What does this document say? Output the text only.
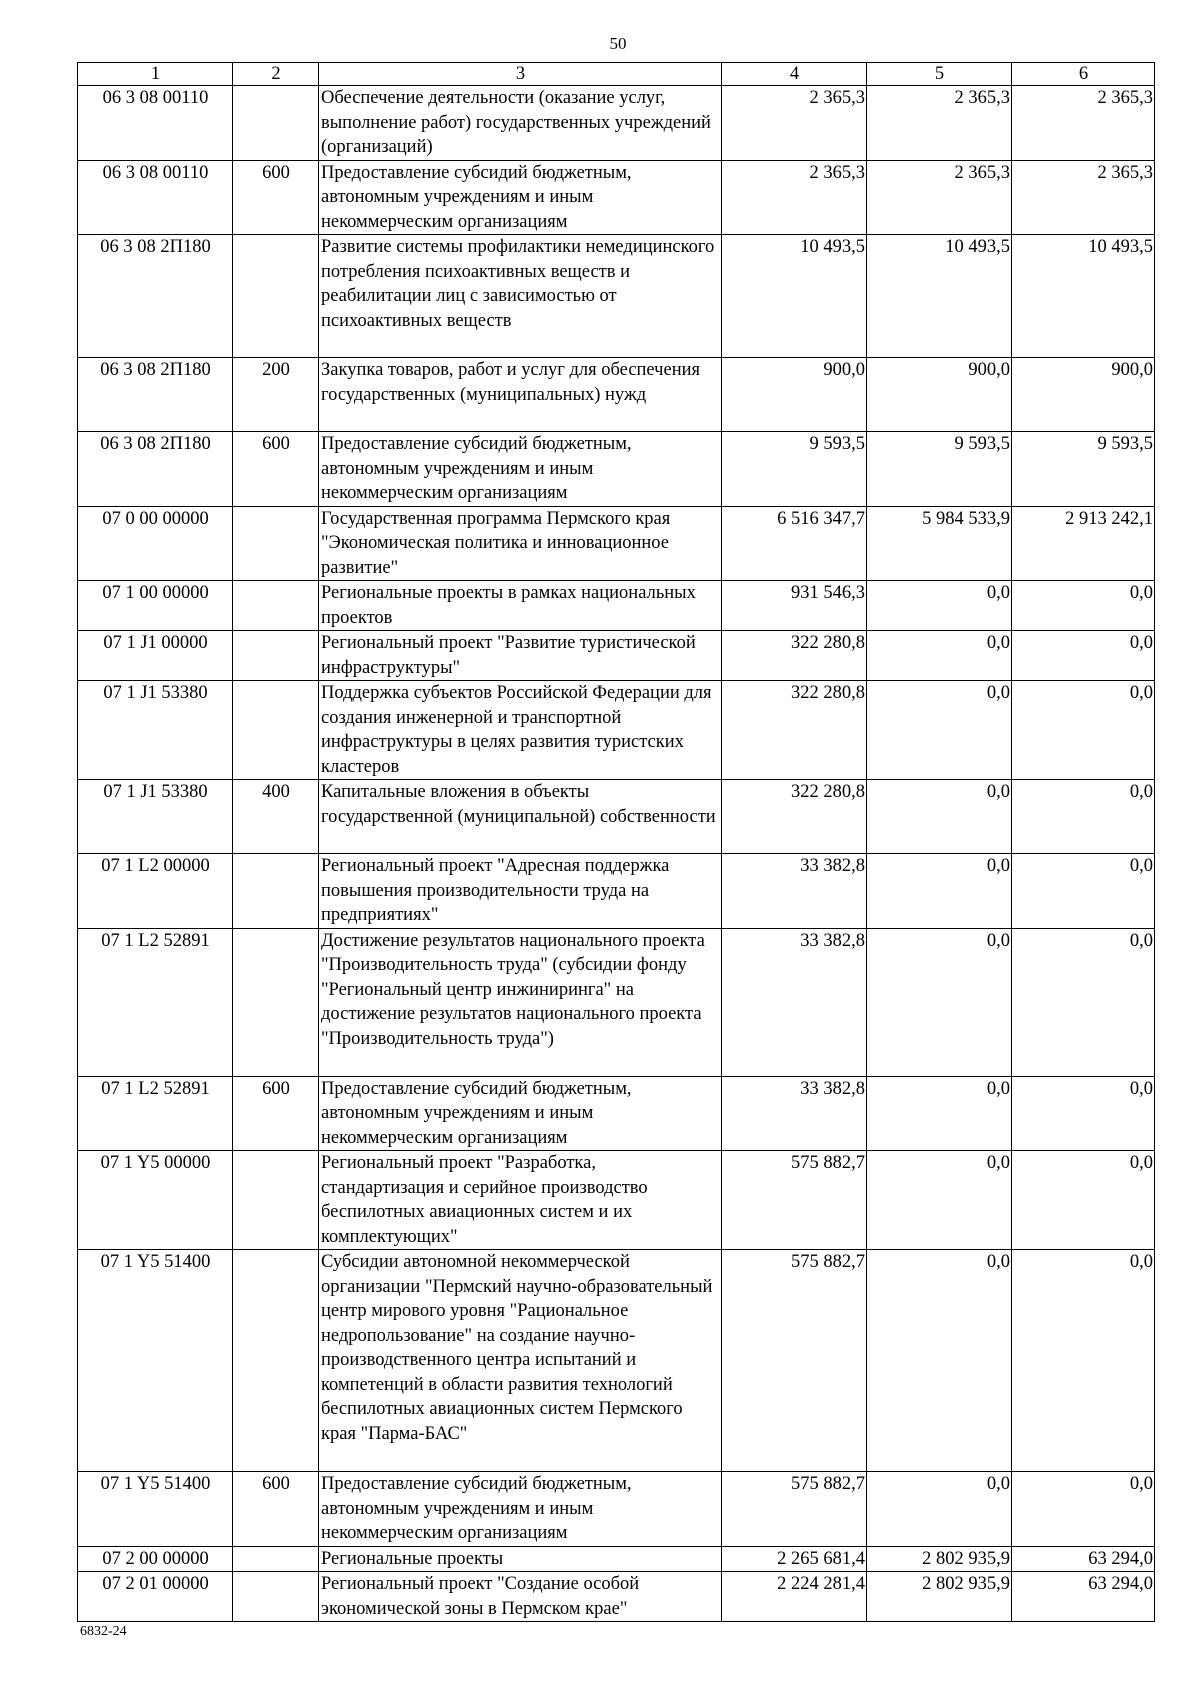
50
1	2	3	4	5	6
06 3 08 00110		Обеспечение деятельности (оказание услуг, выполнение работ) государственных учреждений (организаций)	2 365,3	2 365,3	2 365,3
06 3 08 00110	600	Предоставление субсидий бюджетным, автономным учреждениям и иным некоммерческим организациям	2 365,3	2 365,3	2 365,3
06 3 08 2П180		Развитие системы профилактики немедицинского потребления психоактивных веществ и реабилитации лиц с зависимостью от психоактивных веществ	10 493,5	10 493,5	10 493,5
06 3 08 2П180	200	Закупка товаров, работ и услуг для обеспечения государственных (муниципальных) нужд	900,0	900,0	900,0
06 3 08 2П180	600	Предоставление субсидий бюджетным, автономным учреждениям и иным некоммерческим организациям	9 593,5	9 593,5	9 593,5
07 0 00 00000		Государственная программа Пермского края "Экономическая политика и инновационное развитие"	6 516 347,7	5 984 533,9	2 913 242,1
07 1 00 00000		Региональные проекты в рамках национальных проектов	931 546,3	0,0	0,0
07 1 J1 00000		Региональный проект "Развитие туристической инфраструктуры"	322 280,8	0,0	0,0
07 1 J1 53380		Поддержка субъектов Российской Федерации для создания инженерной и транспортной инфраструктуры в целях развития туристских кластеров	322 280,8	0,0	0,0
07 1 J1 53380	400	Капитальные вложения в объекты государственной (муниципальной) собственности	322 280,8	0,0	0,0
07 1 L2 00000		Региональный проект "Адресная поддержка повышения производительности труда на предприятиях"	33 382,8	0,0	0,0
07 1 L2 52891		Достижение результатов национального проекта "Производительность труда" (субсидии фонду "Региональный центр инжиниринга" на достижение результатов национального проекта "Производительность труда")	33 382,8	0,0	0,0
07 1 L2 52891	600	Предоставление субсидий бюджетным, автономным учреждениям и иным некоммерческим организациям	33 382,8	0,0	0,0
07 1 Y5 00000		Региональный проект "Разработка, стандартизация и серийное производство беспилотных авиационных систем и их комплектующих"	575 882,7	0,0	0,0
07 1 Y5 51400		Субсидии автономной некоммерческой организации "Пермский научно-образовательный центр мирового уровня "Рациональное недропользование" на создание научно-производственного центра испытаний и компетенций в области развития технологий беспилотных авиационных систем Пермского края "Парма-БАС"	575 882,7	0,0	0,0
07 1 Y5 51400	600	Предоставление субсидий бюджетным, автономным учреждениям и иным некоммерческим организациям	575 882,7	0,0	0,0
07 2 00 00000		Региональные проекты	2 265 681,4	2 802 935,9	63 294,0
07 2 01 00000		Региональный проект "Создание особой экономической зоны в Пермском крае"	2 224 281,4	2 802 935,9	63 294,0
6832-24
